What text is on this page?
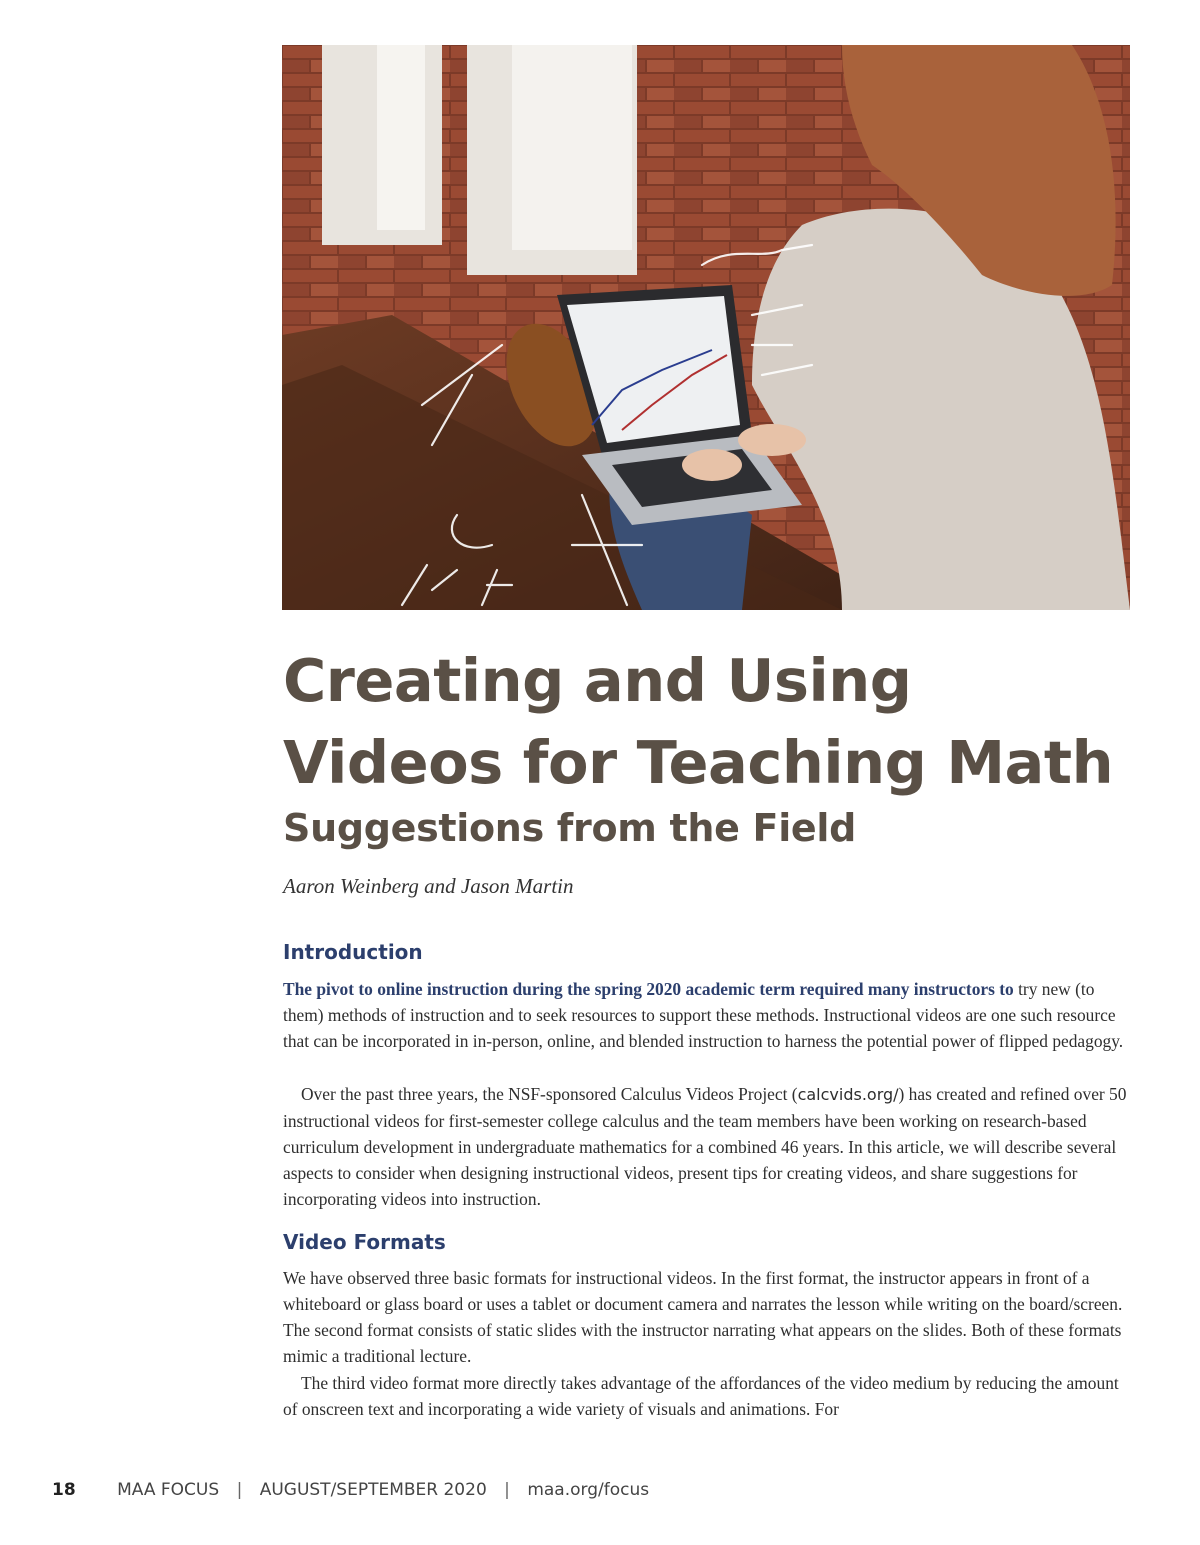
Creating and Using Videos for Teaching Math
Suggestions from the Field

Aaron Weinberg and Jason Martin

Introduction

The pivot to online instruction during the spring 2020 academic term required many instructors to try new (to them) methods of instruction and to seek resources to support these methods. Instructional videos are one such resource that can be incorporated in in-person, online, and blended instruction to harness the potential power of flipped pedagogy.

Over the past three years, the NSF-sponsored Calculus Videos Project (calcvids.org/) has created and refined over 50 instructional videos for first-semester college calculus and the team members have been working on research-based curriculum development in undergraduate mathematics for a combined 46 years. In this article, we will describe several aspects to consider when designing instructional videos, present tips for creating videos, and share suggestions for incorporating videos into instruction.

Video Formats

We have observed three basic formats for instructional videos. In the first format, the instructor appears in front of a whiteboard or glass board or uses a tablet or document camera and narrates the lesson while writing on the board/screen. The second format consists of static slides with the instructor narrating what appears on the slides. Both of these formats mimic a traditional lecture.

The third video format more directly takes advantage of the affordances of the video medium by reducing the amount of onscreen text and incorporating a wide variety of visuals and animations. For

18 MAA FOCUS | AUGUST/SEPTEMBER 2020 | maa.org/focus
